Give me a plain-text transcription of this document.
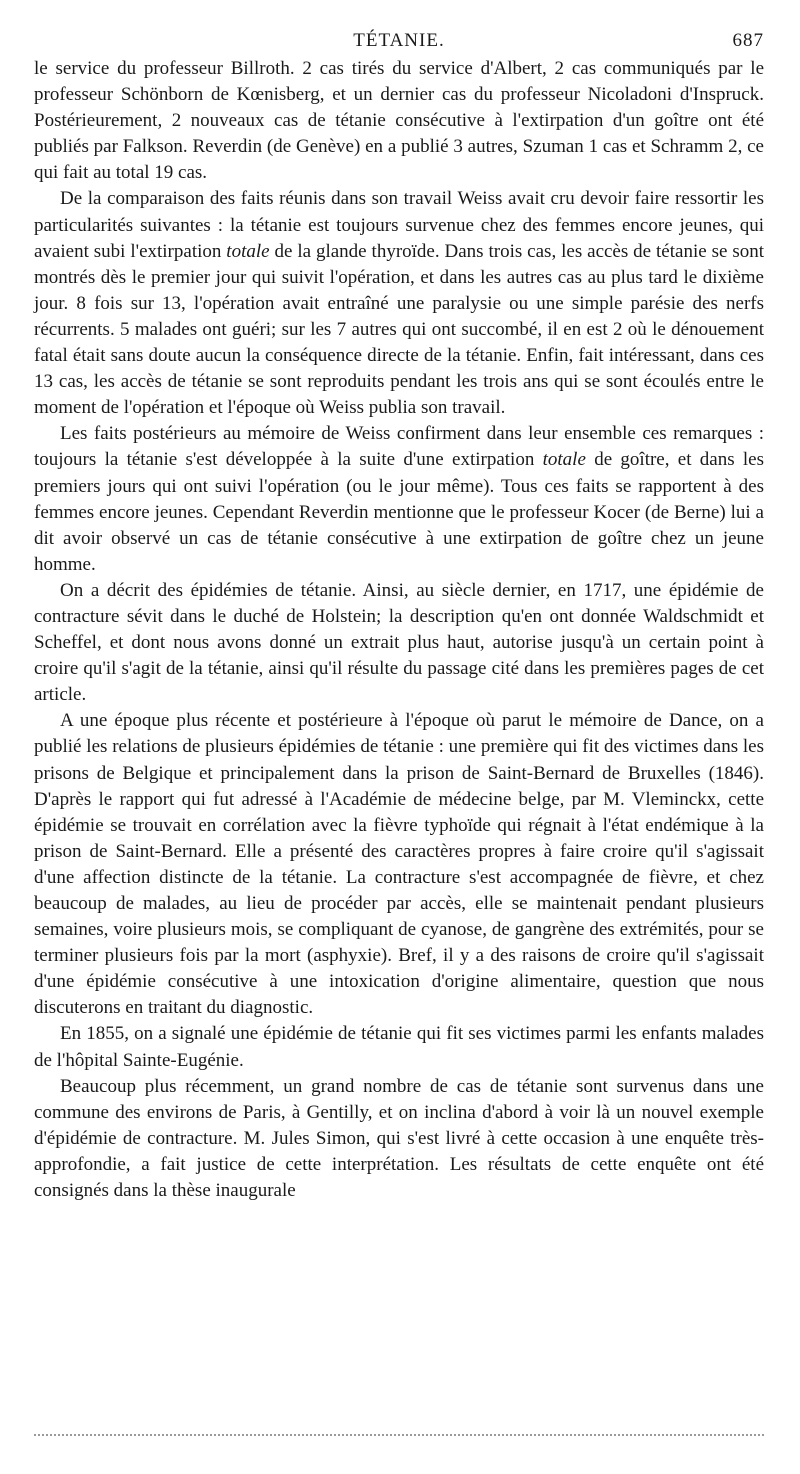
TÉTANIE.	687

le service du professeur Billroth. 2 cas tirés du service d'Albert, 2 cas communiqués par le professeur Schönborn de Kœnisberg, et un dernier cas du professeur Nicoladoni d'Inspruck. Postérieurement, 2 nouveaux cas de tétanie consécutive à l'extirpation d'un goître ont été publiés par Falkson. Reverdin (de Genève) en a publié 3 autres, Szuman 1 cas et Schramm 2, ce qui fait au total 19 cas.

De la comparaison des faits réunis dans son travail Weiss avait cru devoir faire ressortir les particularités suivantes : la tétanie est toujours survenue chez des femmes encore jeunes, qui avaient subi l'extirpation totale de la glande thyroïde. Dans trois cas, les accès de tétanie se sont montrés dès le premier jour qui suivit l'opération, et dans les autres cas au plus tard le dixième jour. 8 fois sur 13, l'opération avait entraîné une paralysie ou une simple parésie des nerfs récurrents. 5 malades ont guéri; sur les 7 autres qui ont succombé, il en est 2 où le dénouement fatal était sans doute aucun la conséquence directe de la tétanie. Enfin, fait intéressant, dans ces 13 cas, les accès de tétanie se sont reproduits pendant les trois ans qui se sont écoulés entre le moment de l'opération et l'époque où Weiss publia son travail.

Les faits postérieurs au mémoire de Weiss confirment dans leur ensemble ces remarques : toujours la tétanie s'est développée à la suite d'une extirpation totale de goître, et dans les premiers jours qui ont suivi l'opération (ou le jour même). Tous ces faits se rapportent à des femmes encore jeunes. Cependant Reverdin mentionne que le professeur Kocer (de Berne) lui a dit avoir observé un cas de tétanie consécutive à une extirpation de goître chez un jeune homme.

On a décrit des épidémies de tétanie. Ainsi, au siècle dernier, en 1717, une épidémie de contracture sévit dans le duché de Holstein; la description qu'en ont donnée Waldschmidt et Scheffel, et dont nous avons donné un extrait plus haut, autorise jusqu'à un certain point à croire qu'il s'agit de la tétanie, ainsi qu'il résulte du passage cité dans les premières pages de cet article.

A une époque plus récente et postérieure à l'époque où parut le mémoire de Dance, on a publié les relations de plusieurs épidémies de tétanie : une première qui fit des victimes dans les prisons de Belgique et principalement dans la prison de Saint-Bernard de Bruxelles (1846). D'après le rapport qui fut adressé à l'Académie de médecine belge, par M. Vleminckx, cette épidémie se trouvait en corrélation avec la fièvre typhoïde qui régnait à l'état endémique à la prison de Saint-Bernard. Elle a présenté des caractères propres à faire croire qu'il s'agissait d'une affection distincte de la tétanie. La contracture s'est accompagnée de fièvre, et chez beaucoup de malades, au lieu de procéder par accès, elle se maintenait pendant plusieurs semaines, voire plusieurs mois, se compliquant de cyanose, de gangrène des extrémités, pour se terminer plusieurs fois par la mort (asphyxie). Bref, il y a des raisons de croire qu'il s'agissait d'une épidémie consécutive à une intoxication d'origine alimentaire, question que nous discuterons en traitant du diagnostic.

En 1855, on a signalé une épidémie de tétanie qui fit ses victimes parmi les enfants malades de l'hôpital Sainte-Eugénie.

Beaucoup plus récemment, un grand nombre de cas de tétanie sont survenus dans une commune des environs de Paris, à Gentilly, et on inclina d'abord à voir là un nouvel exemple d'épidémie de contracture. M. Jules Simon, qui s'est livré à cette occasion à une enquête très-approfondie, a fait justice de cette interprétation. Les résultats de cette enquête ont été consignés dans la thèse inaugurale
